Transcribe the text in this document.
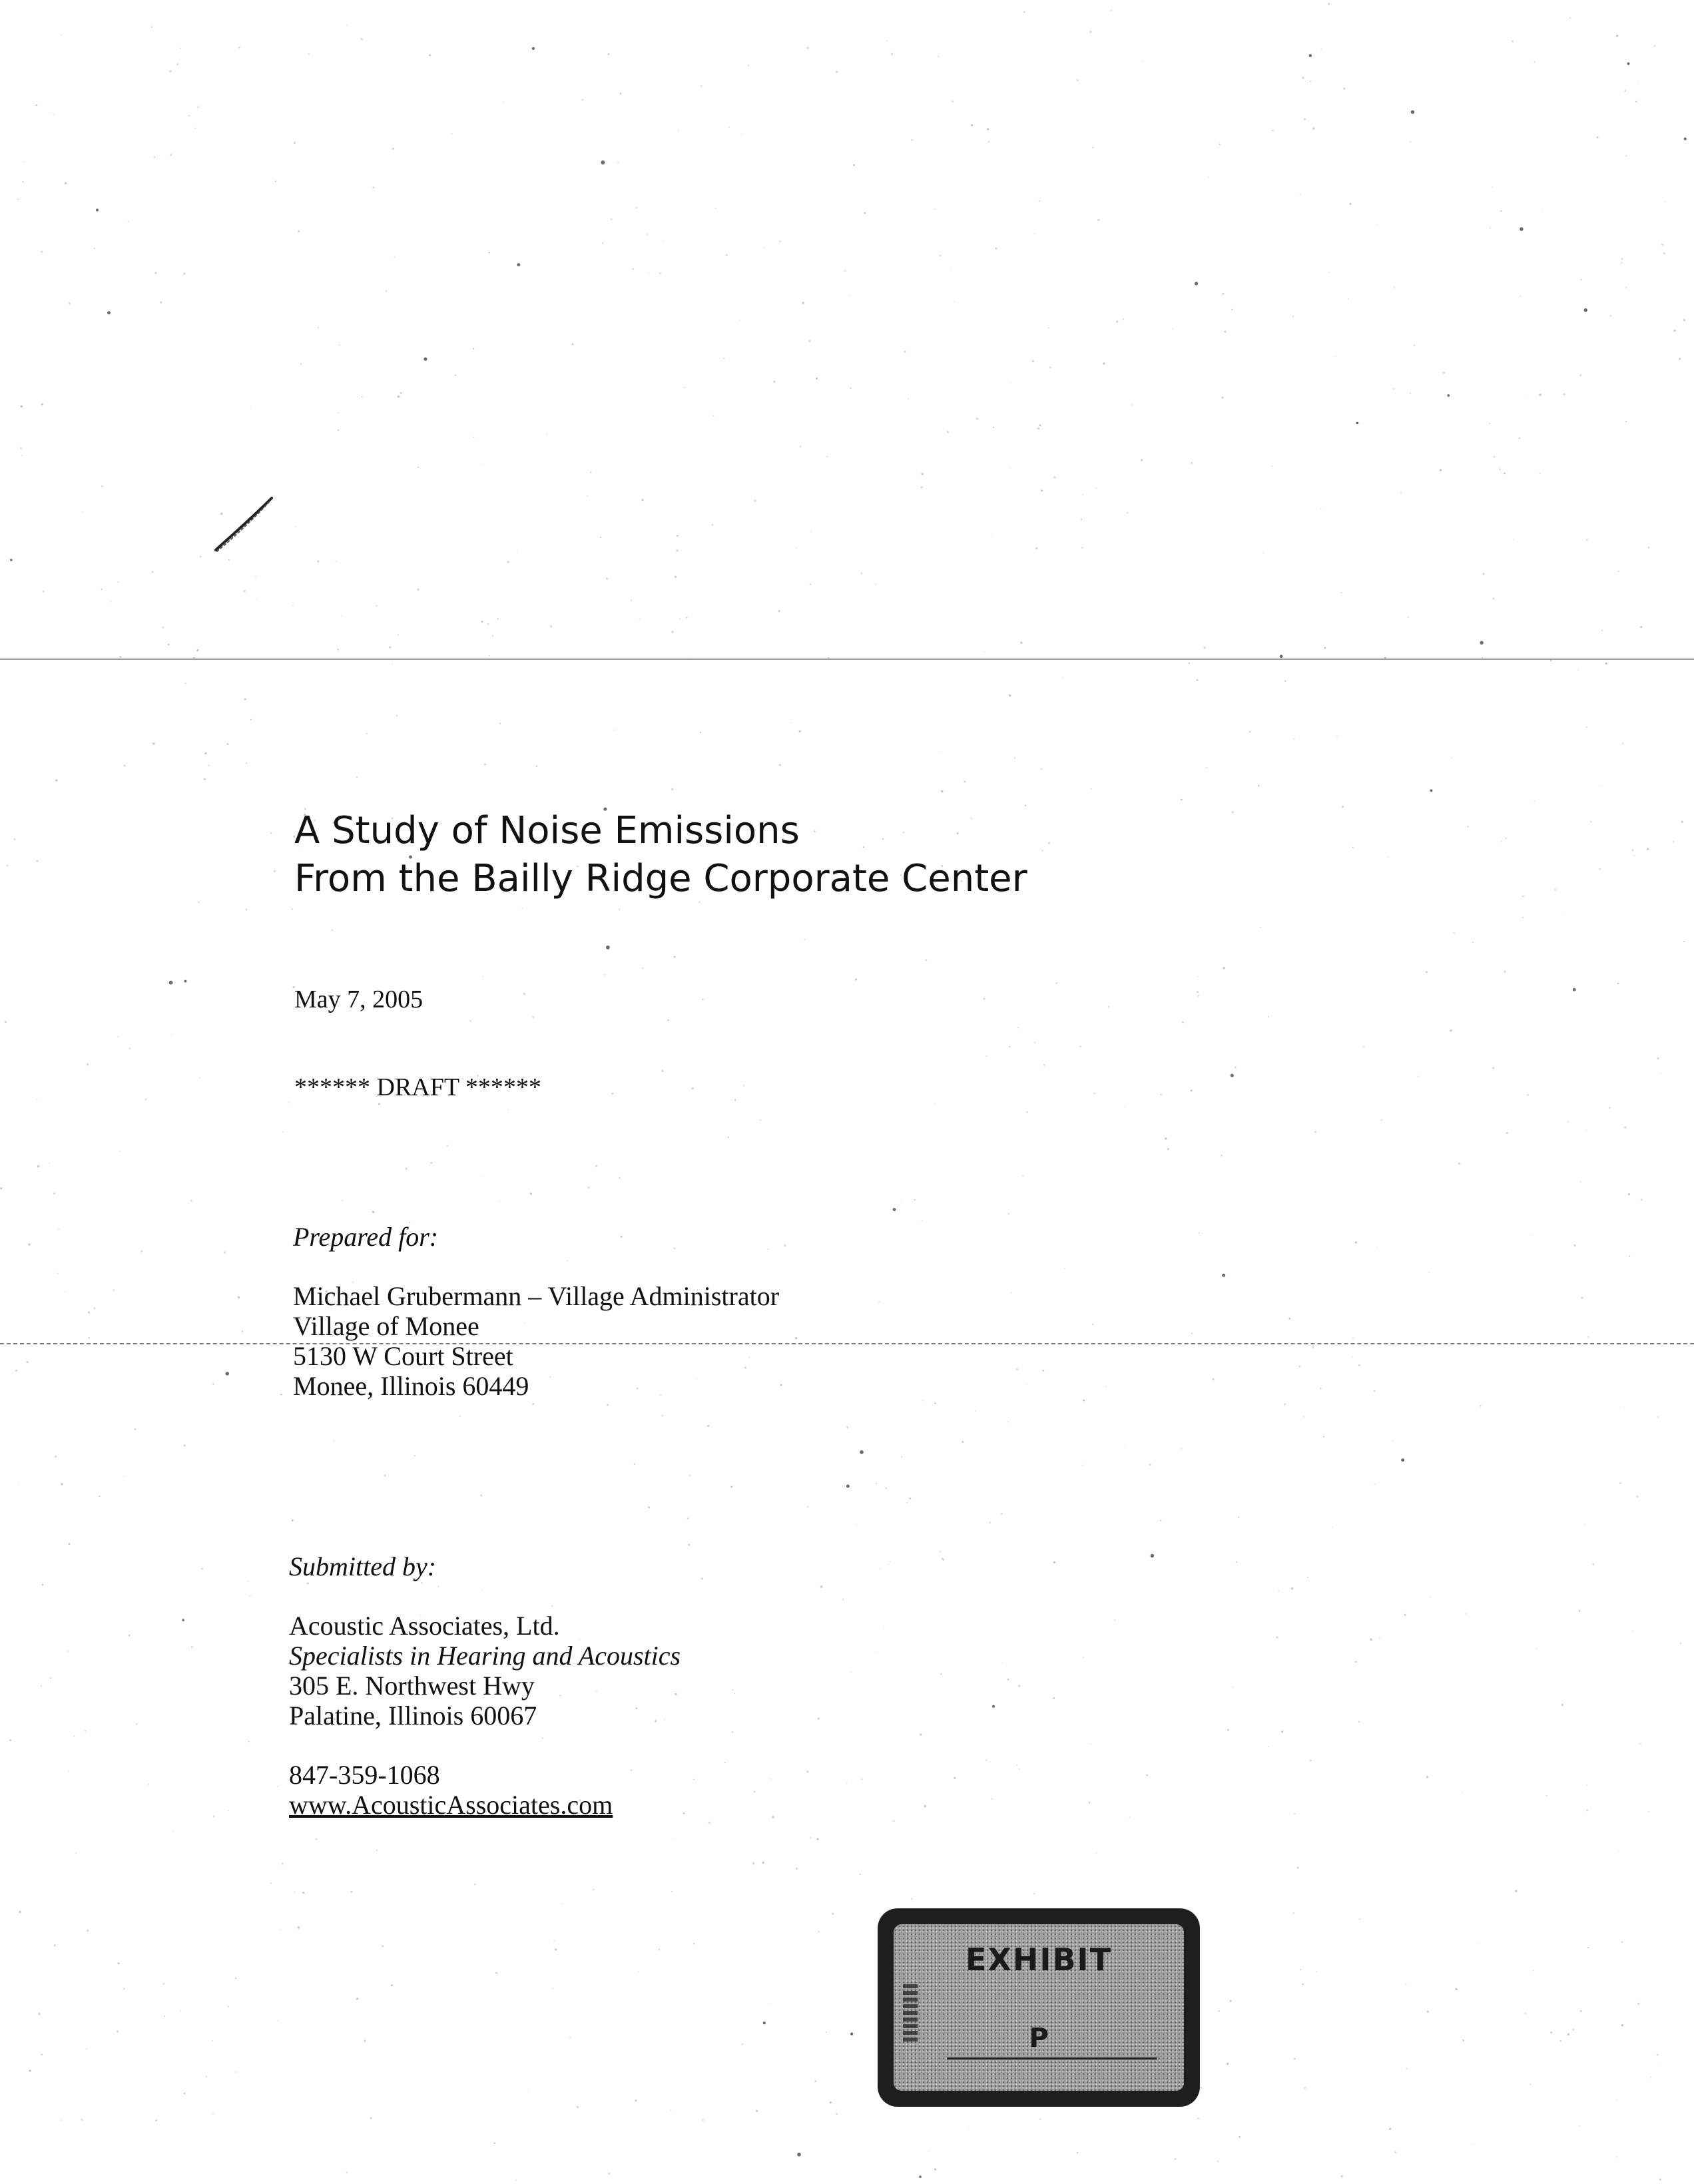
A Study of Noise Emissions
From the Bailly Ridge Corporate Center
May 7, 2005
****** DRAFT ******
Prepared for:
Michael Grubermann – Village Administrator
Village of Monee
5130 W Court Street
Monee, Illinois 60449
Submitted by:
Acoustic Associates, Ltd.
Specialists in Hearing and Acoustics
305 E. Northwest Hwy
Palatine, Illinois 60067
847-359-1068
www.AcousticAssociates.com
EXHIBIT
P
